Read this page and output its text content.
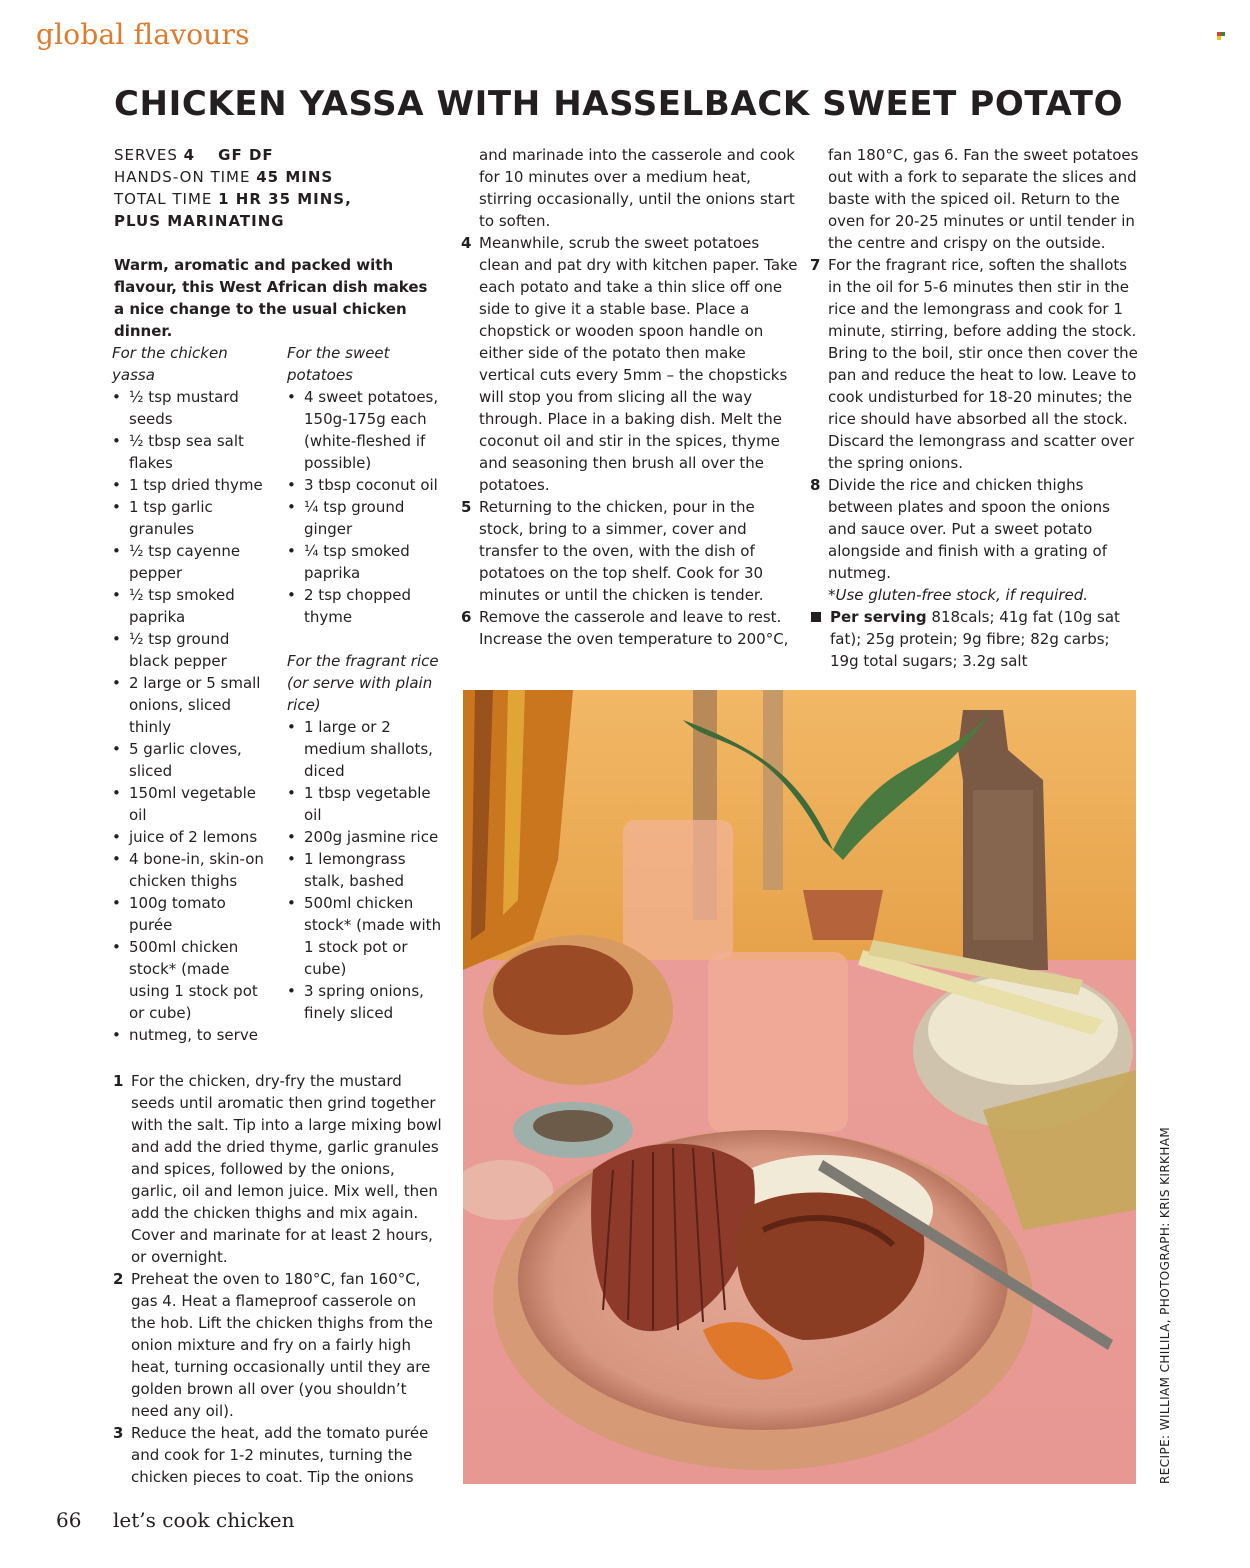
global flavours
CHICKEN YASSA WITH HASSELBACK SWEET POTATO
SERVES 4 GF DF
HANDS-ON TIME 45 MINS
TOTAL TIME 1 HR 35 MINS,
PLUS MARINATING
Warm, aromatic and packed with flavour, this West African dish makes a nice change to the usual chicken dinner.
For the chicken yassa
• ½ tsp mustard seeds
• ½ tbsp sea salt flakes
• 1 tsp dried thyme
• 1 tsp garlic granules
• ½ tsp cayenne pepper
• ½ tsp smoked paprika
• ½ tsp ground black pepper
• 2 large or 5 small onions, sliced thinly
• 5 garlic cloves, sliced
• 150ml vegetable oil
• juice of 2 lemons
• 4 bone-in, skin-on chicken thighs
• 100g tomato purée
• 500ml chicken stock* (made using 1 stock pot or cube)
• nutmeg, to serve
For the sweet potatoes
• 4 sweet potatoes, 150g-175g each (white-fleshed if possible)
• 3 tbsp coconut oil
• ¼ tsp ground ginger
• ¼ tsp smoked paprika
• 2 tsp chopped thyme
For the fragrant rice (or serve with plain rice)
• 1 large or 2 medium shallots, diced
• 1 tbsp vegetable oil
• 200g jasmine rice
• 1 lemongrass stalk, bashed
• 500ml chicken stock* (made with 1 stock pot or cube)
• 3 spring onions, finely sliced
1 For the chicken, dry-fry the mustard seeds until aromatic then grind together with the salt. Tip into a large mixing bowl and add the dried thyme, garlic granules and spices, followed by the onions, garlic, oil and lemon juice. Mix well, then add the chicken thighs and mix again. Cover and marinate for at least 2 hours, or overnight.
2 Preheat the oven to 180°C, fan 160°C, gas 4. Heat a flameproof casserole on the hob. Lift the chicken thighs from the onion mixture and fry on a fairly high heat, turning occasionally until they are golden brown all over (you shouldn’t need any oil).
3 Reduce the heat, add the tomato purée and cook for 1-2 minutes, turning the chicken pieces to coat. Tip the onions
and marinade into the casserole and cook for 10 minutes over a medium heat, stirring occasionally, until the onions start to soften.
4 Meanwhile, scrub the sweet potatoes clean and pat dry with kitchen paper. Take each potato and take a thin slice off one side to give it a stable base. Place a chopstick or wooden spoon handle on either side of the potato then make vertical cuts every 5mm – the chopsticks will stop you from slicing all the way through. Place in a baking dish. Melt the coconut oil and stir in the spices, thyme and seasoning then brush all over the potatoes.
5 Returning to the chicken, pour in the stock, bring to a simmer, cover and transfer to the oven, with the dish of potatoes on the top shelf. Cook for 30 minutes or until the chicken is tender.
6 Remove the casserole and leave to rest. Increase the oven temperature to 200°C,
fan 180°C, gas 6. Fan the sweet potatoes out with a fork to separate the slices and baste with the spiced oil. Return to the oven for 20-25 minutes or until tender in the centre and crispy on the outside.
7 For the fragrant rice, soften the shallots in the oil for 5-6 minutes then stir in the rice and the lemongrass and cook for 1 minute, stirring, before adding the stock. Bring to the boil, stir once then cover the pan and reduce the heat to low. Leave to cook undisturbed for 18-20 minutes; the rice should have absorbed all the stock. Discard the lemongrass and scatter over the spring onions.
8 Divide the rice and chicken thighs between plates and spoon the onions and sauce over. Put a sweet potato alongside and finish with a grating of nutmeg.
*Use gluten-free stock, if required.
Per serving 818cals; 41g fat (10g sat fat); 25g protein; 9g fibre; 82g carbs; 19g total sugars; 3.2g salt
RECIPE: WILLIAM CHILILA, PHOTOGRAPH: KRIS KIRKHAM
66 let’s cook chicken
